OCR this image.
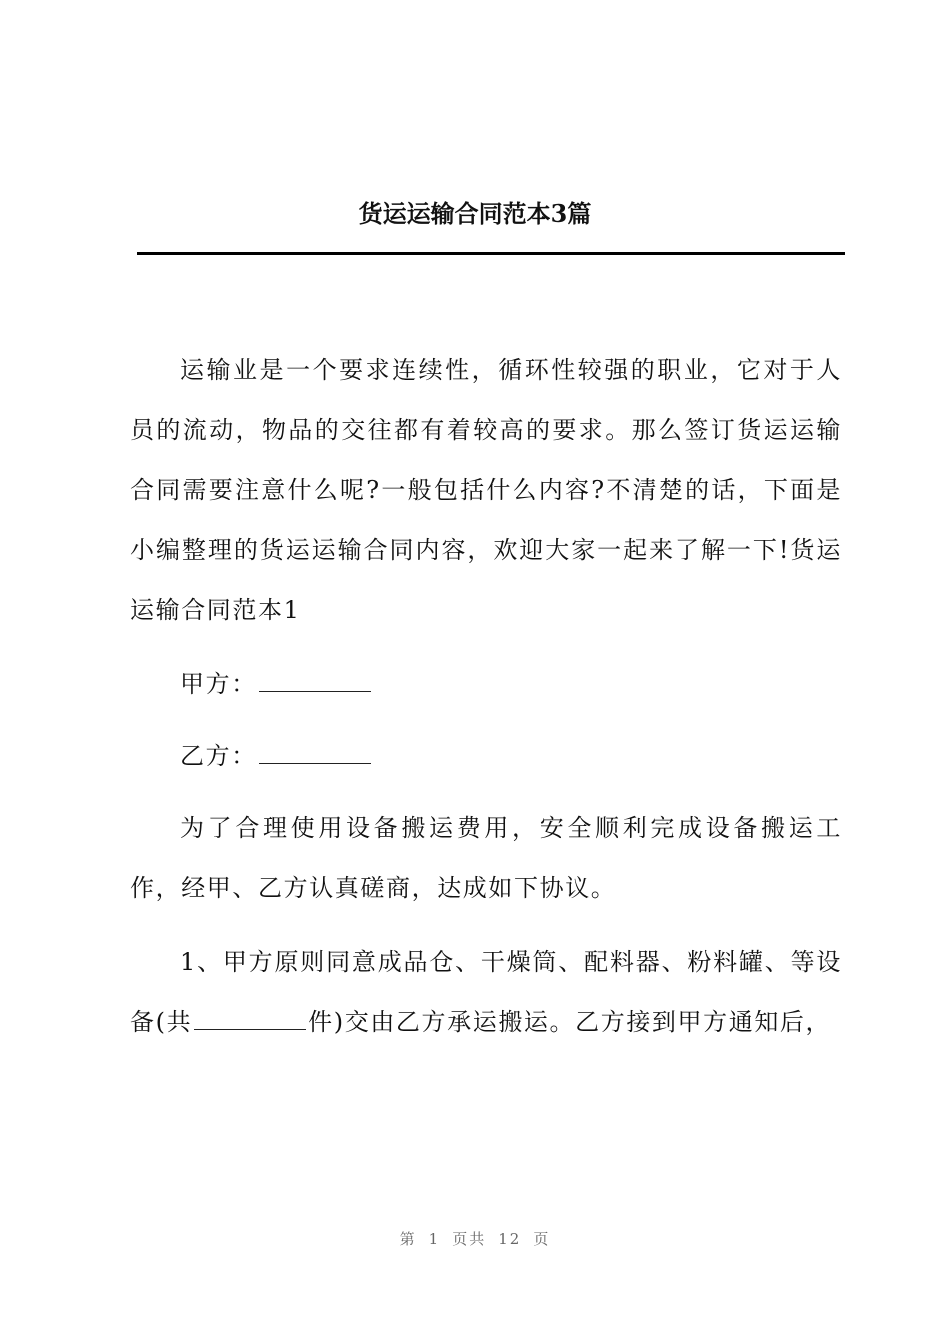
货运运输合同范本3篇

运输业是一个要求连续性，循环性较强的职业，它对于人员的流动，物品的交往都有着较高的要求。那么签订货运运输合同需要注意什么呢?一般包括什么内容?不清楚的话，下面是小编整理的货运运输合同内容，欢迎大家一起来了解一下!货运运输合同范本1

甲方：

乙方：

为了合理使用设备搬运费用，安全顺利完成设备搬运工作，经甲、乙方认真磋商，达成如下协议。

1、甲方原则同意成品仓、干燥筒、配料器、粉料罐、等设备(共	件)交由乙方承运搬运。乙方接到甲方通知后，

第 1 页共 12 页
